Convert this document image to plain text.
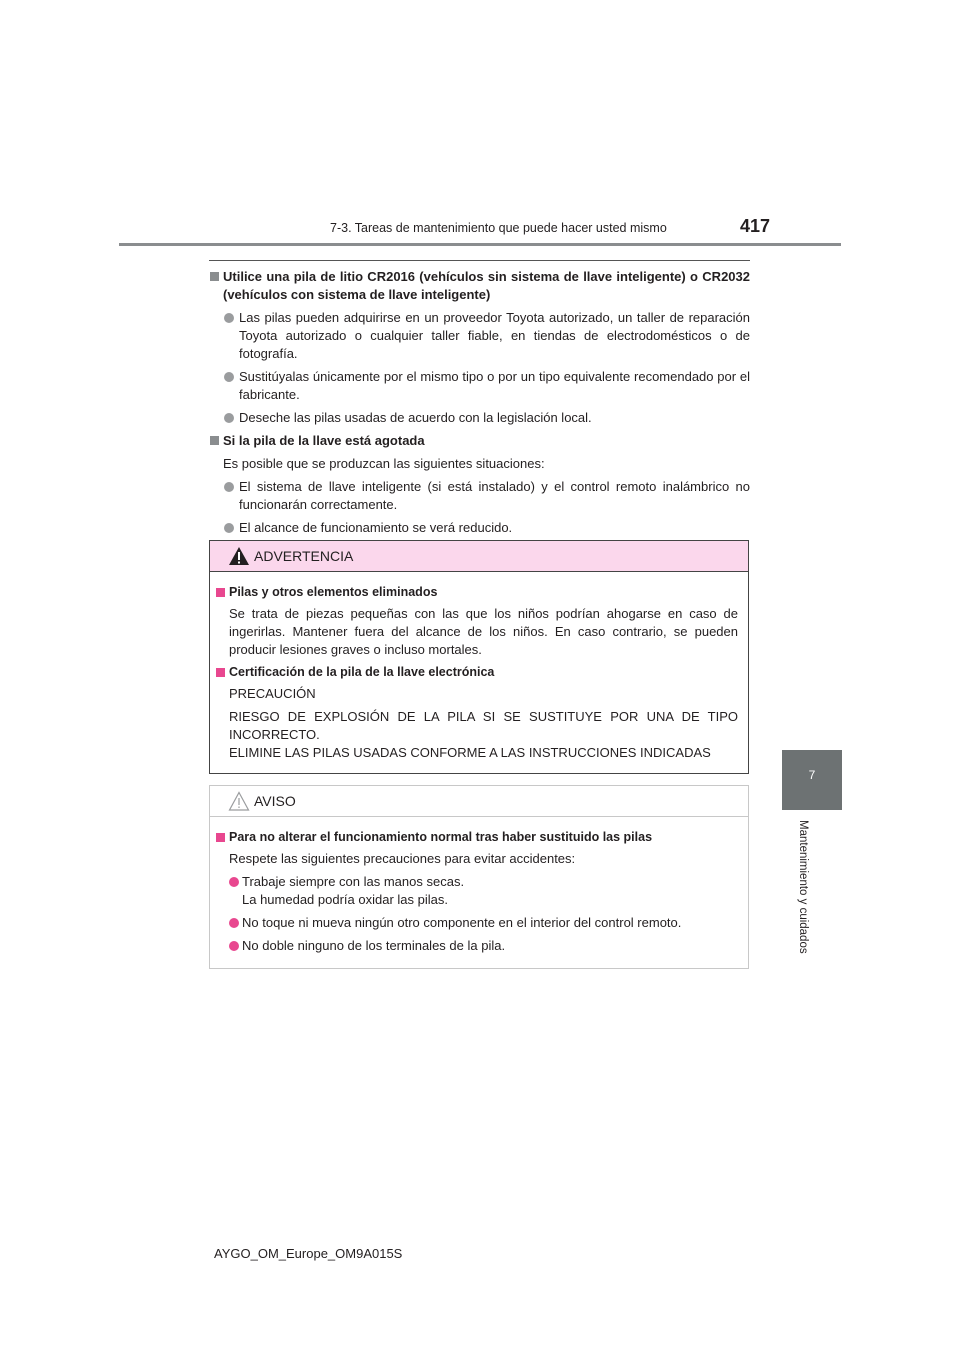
7-3. Tareas de mantenimiento que puede hacer usted mismo	417
7
Mantenimiento y cuidados
Utilice una pila de litio CR2016 (vehículos sin sistema de llave inteligente) o CR2032 (vehículos con sistema de llave inteligente)
Las pilas pueden adquirirse en un proveedor Toyota autorizado, un taller de reparación Toyota autorizado o cualquier taller fiable, en tiendas de electrodomésticos o de fotografía.
Sustitúyalas únicamente por el mismo tipo o por un tipo equivalente recomendado por el fabricante.
Deseche las pilas usadas de acuerdo con la legislación local.
Si la pila de la llave está agotada
Es posible que se produzcan las siguientes situaciones:
El sistema de llave inteligente (si está instalado) y el control remoto inalámbrico no funcionarán correctamente.
El alcance de funcionamiento se verá reducido.
ADVERTENCIA
Pilas y otros elementos eliminados
Se trata de piezas pequeñas con las que los niños podrían ahogarse en caso de ingerirlas. Mantener fuera del alcance de los niños. En caso contrario, se pueden producir lesiones graves o incluso mortales.
Certificación de la pila de la llave electrónica
PRECAUCIÓN
RIESGO DE EXPLOSIÓN DE LA PILA SI SE SUSTITUYE POR UNA DE TIPO INCORRECTO.
ELIMINE LAS PILAS USADAS CONFORME A LAS INSTRUCCIONES INDICADAS
AVISO
Para no alterar el funcionamiento normal tras haber sustituido las pilas
Respete las siguientes precauciones para evitar accidentes:
Trabaje siempre con las manos secas.
La humedad podría oxidar las pilas.
No toque ni mueva ningún otro componente en el interior del control remoto.
No doble ninguno de los terminales de la pila.
AYGO_OM_Europe_OM9A015S
